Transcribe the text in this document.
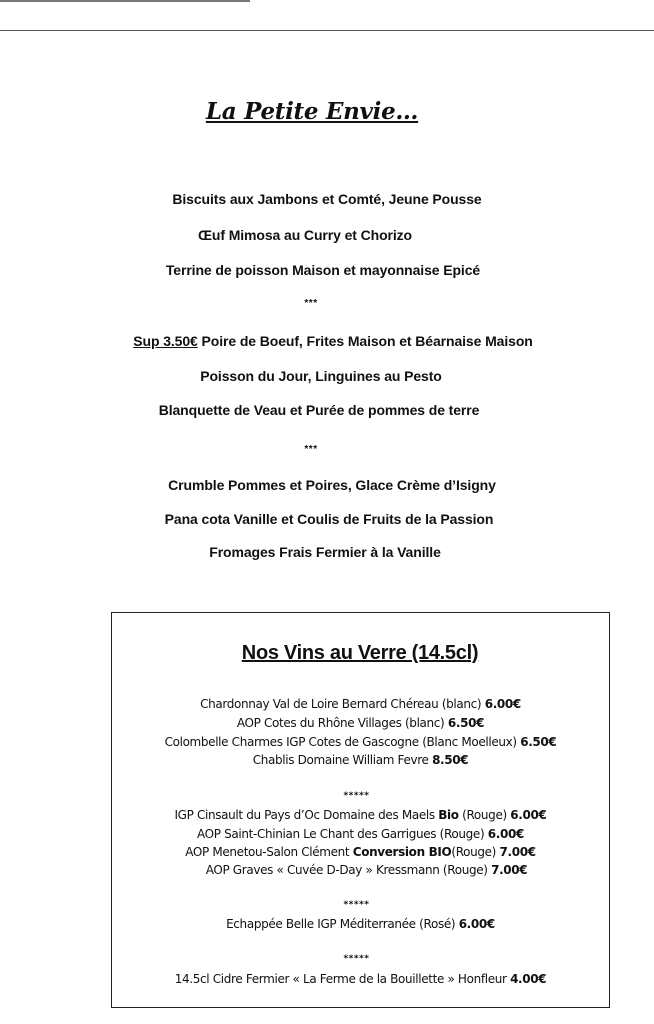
La Petite Envie…
Biscuits aux Jambons et Comté, Jeune Pousse
Œuf Mimosa au Curry et Chorizo
Terrine de poisson Maison et mayonnaise Epicé
***
Sup 3.50€ Poire de Boeuf, Frites Maison et Béarnaise Maison
Poisson du Jour, Linguines au Pesto
Blanquette de Veau et Purée de pommes de terre
***
Crumble Pommes et Poires, Glace Crème d’Isigny
Pana cota Vanille et Coulis de Fruits de la Passion
Fromages Frais Fermier à la Vanille
Nos Vins au Verre (14.5cl)
Chardonnay Val de Loire Bernard Chéreau (blanc) 6.00€
AOP Cotes du Rhône Villages (blanc) 6.50€
Colombelle Charmes IGP Cotes de Gascogne (Blanc Moelleux) 6.50€
Chablis Domaine William Fevre 8.50€
*****
IGP Cinsault du Pays d’Oc Domaine des Maels Bio (Rouge) 6.00€
AOP Saint-Chinian Le Chant des Garrigues (Rouge) 6.00€
AOP Menetou-Salon Clément Conversion BIO(Rouge) 7.00€
AOP Graves « Cuvée D-Day » Kressmann (Rouge) 7.00€
*****
Echappée Belle IGP Méditerranée (Rosé) 6.00€
*****
14.5cl Cidre Fermier « La Ferme de la Bouillette » Honfleur 4.00€
